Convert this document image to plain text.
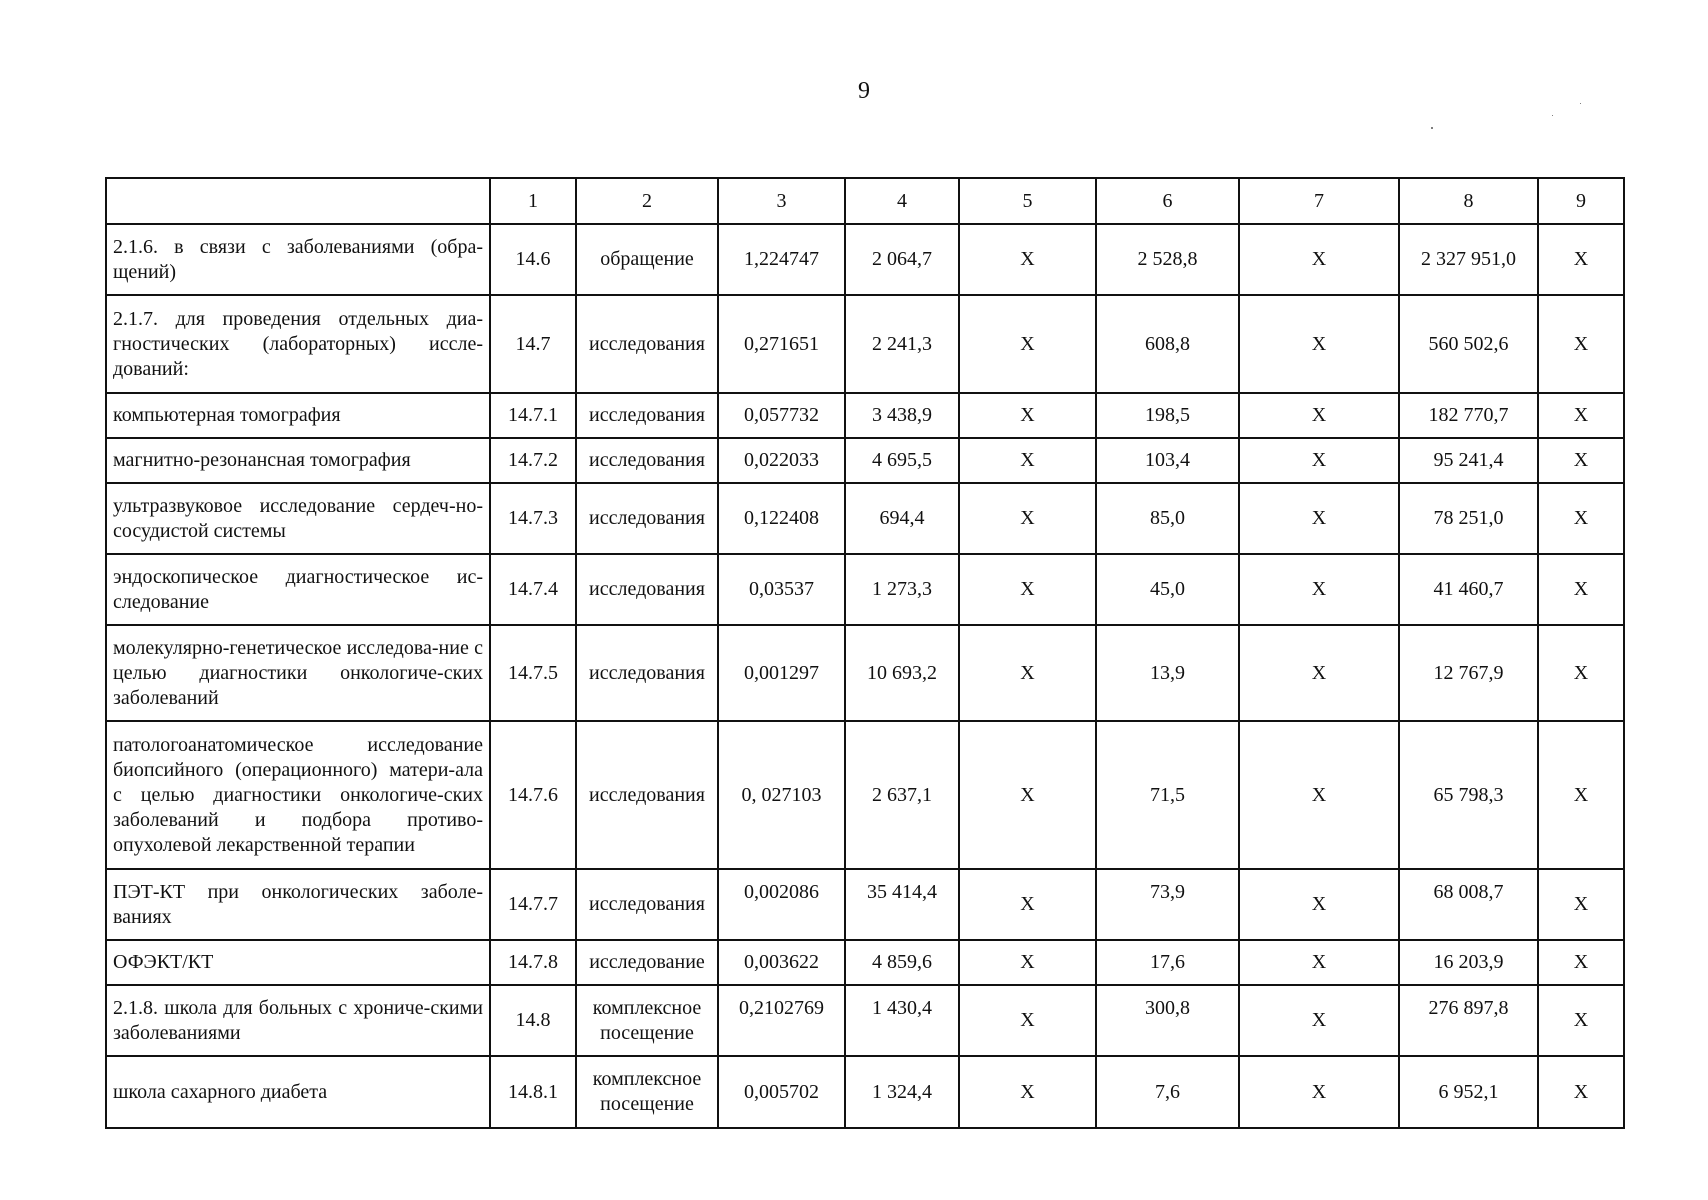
9
	1	2	3	4	5	6	7	8	9
2.1.6. в связи с заболеваниями (обра-щений)	14.6	обращение	1,224747	2 064,7	X	2 528,8	X	2 327 951,0	X
2.1.7. для проведения отдельных диа-гностических (лабораторных) иссле-дований:	14.7	исследования	0,271651	2 241,3	X	608,8	X	560 502,6	X
компьютерная томография	14.7.1	исследования	0,057732	3 438,9	X	198,5	X	182 770,7	X
магнитно-резонансная томография	14.7.2	исследования	0,022033	4 695,5	X	103,4	X	95 241,4	X
ультразвуковое исследование сердеч-но-сосудистой системы	14.7.3	исследования	0,122408	694,4	X	85,0	X	78 251,0	X
эндоскопическое диагностическое ис-следование	14.7.4	исследования	0,03537	1 273,3	X	45,0	X	41 460,7	X
молекулярно-генетическое исследова-ние с целью диагностики онкологиче-ских заболеваний	14.7.5	исследования	0,001297	10 693,2	X	13,9	X	12 767,9	X
патологоанатомическое исследование биопсийного (операционного) матери-ала с целью диагностики онкологиче-ских заболеваний и подбора противо-опухолевой лекарственной терапии	14.7.6	исследования	0, 027103	2 637,1	X	71,5	X	65 798,3	X
ПЭТ-КТ при онкологических заболе-ваниях	14.7.7	исследования	0,002086	35 414,4	X	73,9	X	68 008,7	X
ОФЭКТ/КТ	14.7.8	исследование	0,003622	4 859,6	X	17,6	X	16 203,9	X
2.1.8. школа для больных с хрониче-скими заболеваниями	14.8	комплексное посещение	0,2102769	1 430,4	X	300,8	X	276 897,8	X
школа сахарного диабета	14.8.1	комплексное посещение	0,005702	1 324,4	X	7,6	X	6 952,1	X
